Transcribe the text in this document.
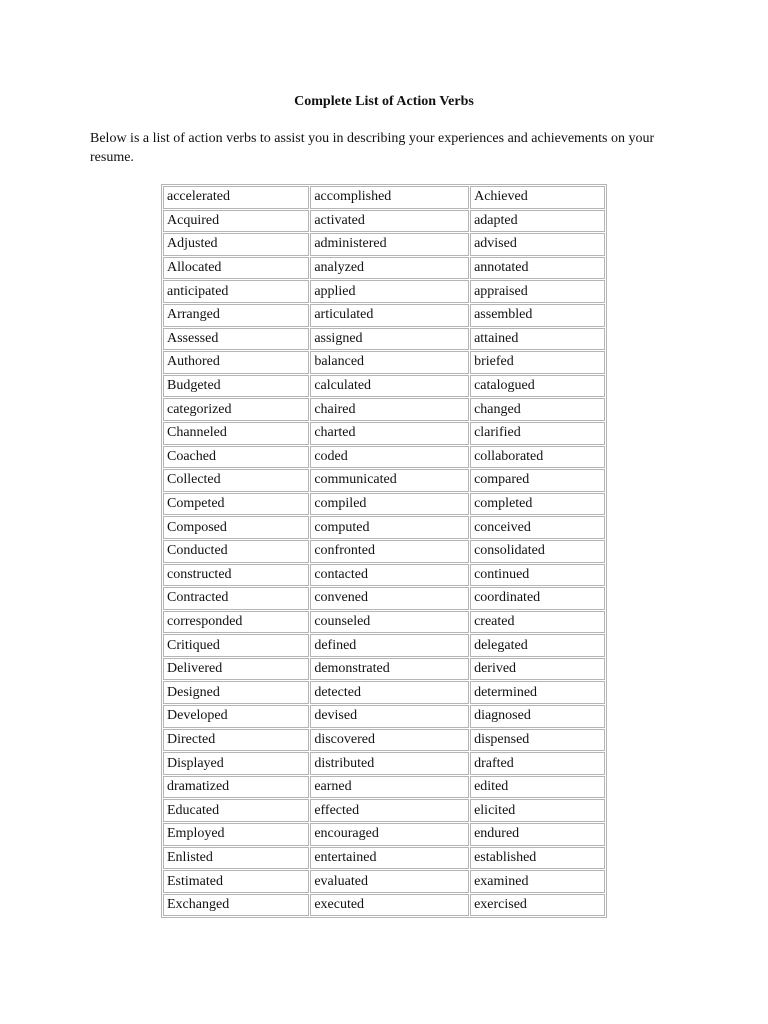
Complete List of Action Verbs
Below is a list of action verbs to assist you in describing your experiences and achievements on your resume.
accelerated	accomplished	Achieved
Acquired	activated	adapted
Adjusted	administered	advised
Allocated	analyzed	annotated
anticipated	applied	appraised
Arranged	articulated	assembled
Assessed	assigned	attained
Authored	balanced	briefed
Budgeted	calculated	catalogued
categorized	chaired	changed
Channeled	charted	clarified
Coached	coded	collaborated
Collected	communicated	compared
Competed	compiled	completed
Composed	computed	conceived
Conducted	confronted	consolidated
constructed	contacted	continued
Contracted	convened	coordinated
corresponded	counseled	created
Critiqued	defined	delegated
Delivered	demonstrated	derived
Designed	detected	determined
Developed	devised	diagnosed
Directed	discovered	dispensed
Displayed	distributed	drafted
dramatized	earned	edited
Educated	effected	elicited
Employed	encouraged	endured
Enlisted	entertained	established
Estimated	evaluated	examined
Exchanged	executed	exercised
